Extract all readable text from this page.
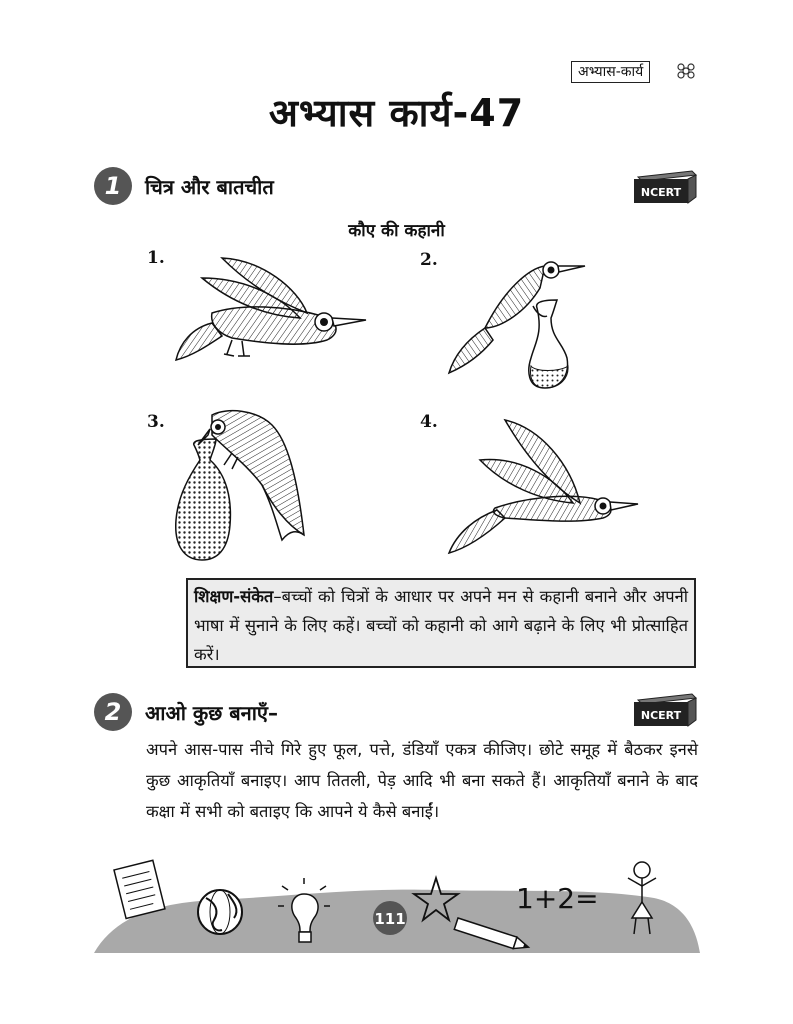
अभ्यास-कार्य
अभ्यास कार्य-47
1	चित्र और बातचीत	NCERT
कौए की कहानी
1.	2.
3.	4.
शिक्षण-संकेत–बच्चों को चित्रों के आधार पर अपने मन से कहानी बनाने और अपनी भाषा में सुनाने के लिए कहें। बच्चों को कहानी को आगे बढ़ाने के लिए भी प्रोत्साहित करें।
2	आओ कुछ बनाएँ–	NCERT
अपने आस-पास नीचे गिरे हुए फूल, पत्ते, डंडियाँ एकत्र कीजिए। छोटे समूह में बैठकर इनसे कुछ आकृतियाँ बनाइए। आप तितली, पेड़ आदि भी बना सकते हैं। आकृतियाँ बनाने के बाद कक्षा में सभी को बताइए कि आपने ये कैसे बनाईं।
111
1+2=
